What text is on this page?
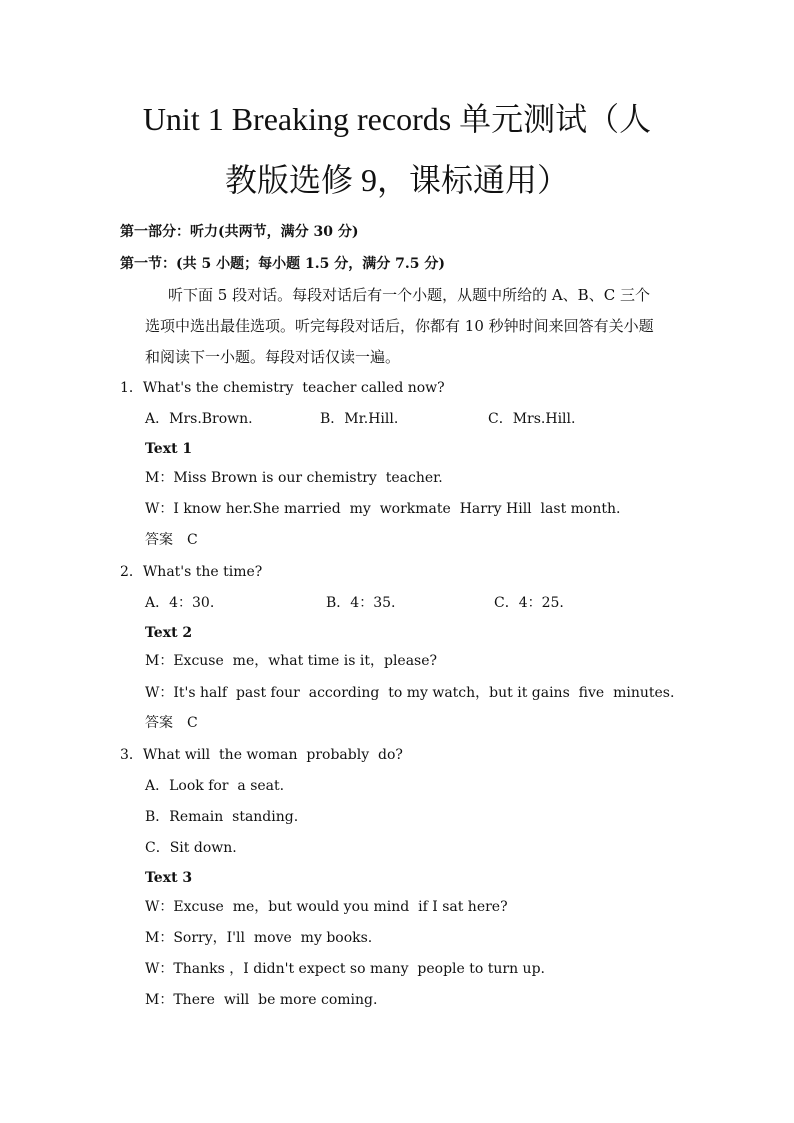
Unit 1 Breaking records 单元测试（人
教版选修 9，课标通用）
第一部分：听力(共两节，满分 30 分)
第一节：(共 5 小题；每小题 1.5 分，满分 7.5 分)
听下面 5 段对话。每段对话后有一个小题，从题中所给的 A、B、C 三个
选项中选出最佳选项。听完每段对话后，你都有 10 秒钟时间来回答有关小题
和阅读下一小题。每段对话仅读一遍。
1．What's the chemistry  teacher called now?
A．Mrs.Brown.	B．Mr.Hill.	C．Mrs.Hill.
Text 1
M：Miss Brown is our chemistry  teacher.
W：I know her.She married  my  workmate  Harry Hill  last month.
答案　C
2．What's the time?
A．4：30.	B．4：35.	C．4：25.
Text 2
M：Excuse  me，what time is it，please?
W：It's half  past four  according  to my watch，but it gains  five  minutes.
答案　C
3．What will  the woman  probably  do?
A．Look for  a seat.
B．Remain  standing.
C．Sit down.
Text 3
W：Excuse  me，but would you mind  if I sat here?
M：Sorry，I'll  move  my books.
W：Thanks ，I didn't expect so many  people to turn up.
M：There  will  be more coming.
